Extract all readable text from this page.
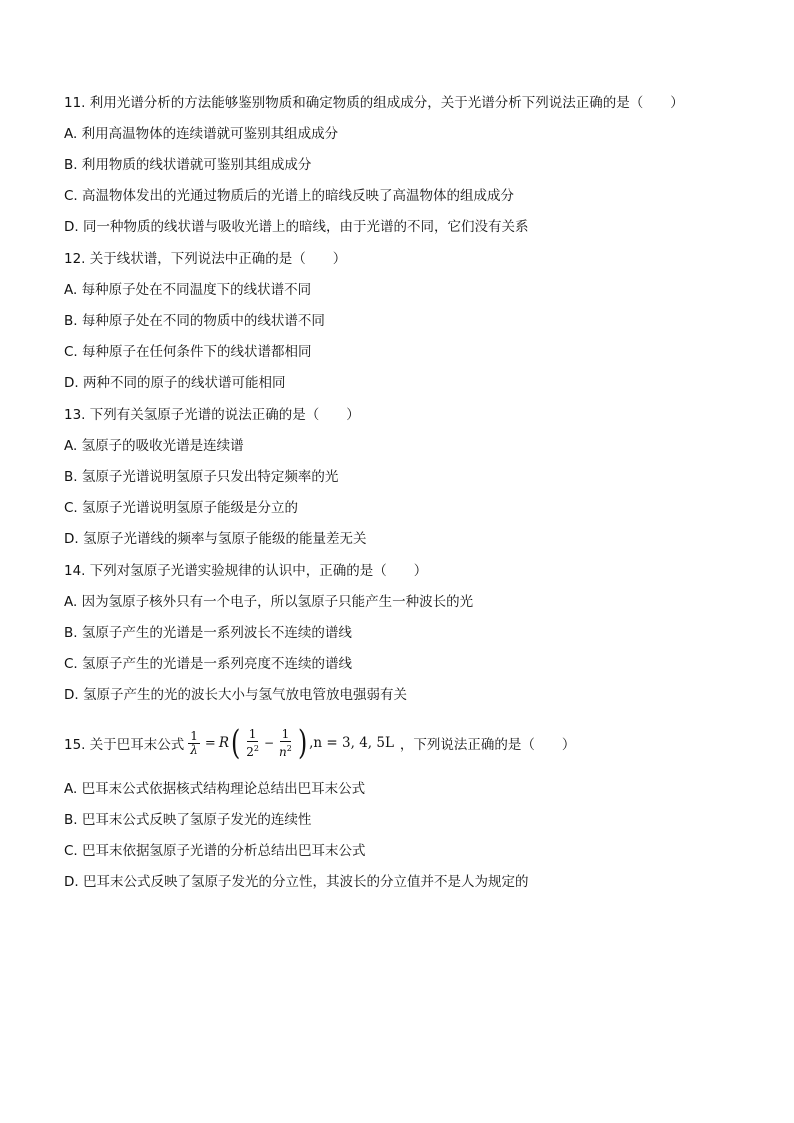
11. 利用光谱分析的方法能够鉴别物质和确定物质的组成成分，关于光谱分析下列说法正确的是（　　）
A. 利用高温物体的连续谱就可鉴别其组成成分
B. 利用物质的线状谱就可鉴别其组成成分
C. 高温物体发出的光通过物质后的光谱上的暗线反映了高温物体的组成成分
D. 同一种物质的线状谱与吸收光谱上的暗线，由于光谱的不同，它们没有关系
12. 关于线状谱，下列说法中正确的是（　　）
A. 每种原子处在不同温度下的线状谱不同
B. 每种原子处在不同的物质中的线状谱不同
C. 每种原子在任何条件下的线状谱都相同
D. 两种不同的原子的线状谱可能相同
13. 下列有关氢原子光谱的说法正确的是（　　）
A. 氢原子的吸收光谱是连续谱
B. 氢原子光谱说明氢原子只发出特定频率的光
C. 氢原子光谱说明氢原子能级是分立的
D. 氢原子光谱线的频率与氢原子能级的能量差无关
14. 下列对氢原子光谱实验规律的认识中，正确的是（　　）
A. 因为氢原子核外只有一个电子，所以氢原子只能产生一种波长的光
B. 氢原子产生的光谱是一系列波长不连续的谱线
C. 氢原子产生的光谱是一系列亮度不连续的谱线
D. 氢原子产生的光的波长大小与氢气放电管放电强弱有关
15. 关于巴耳末公式 $\frac{1}{\lambda} = R$ ( $\frac{1}{2^2} - \frac{1}{n^2}$ ) ,n = 3, 4, 5L ，下列说法正确的是（　　）
A. 巴耳末公式依据核式结构理论总结出巴耳末公式
B. 巴耳末公式反映了氢原子发光的连续性
C. 巴耳末依据氢原子光谱的分析总结出巴耳末公式
D. 巴耳末公式反映了氢原子发光的分立性，其波长的分立值并不是人为规定的
